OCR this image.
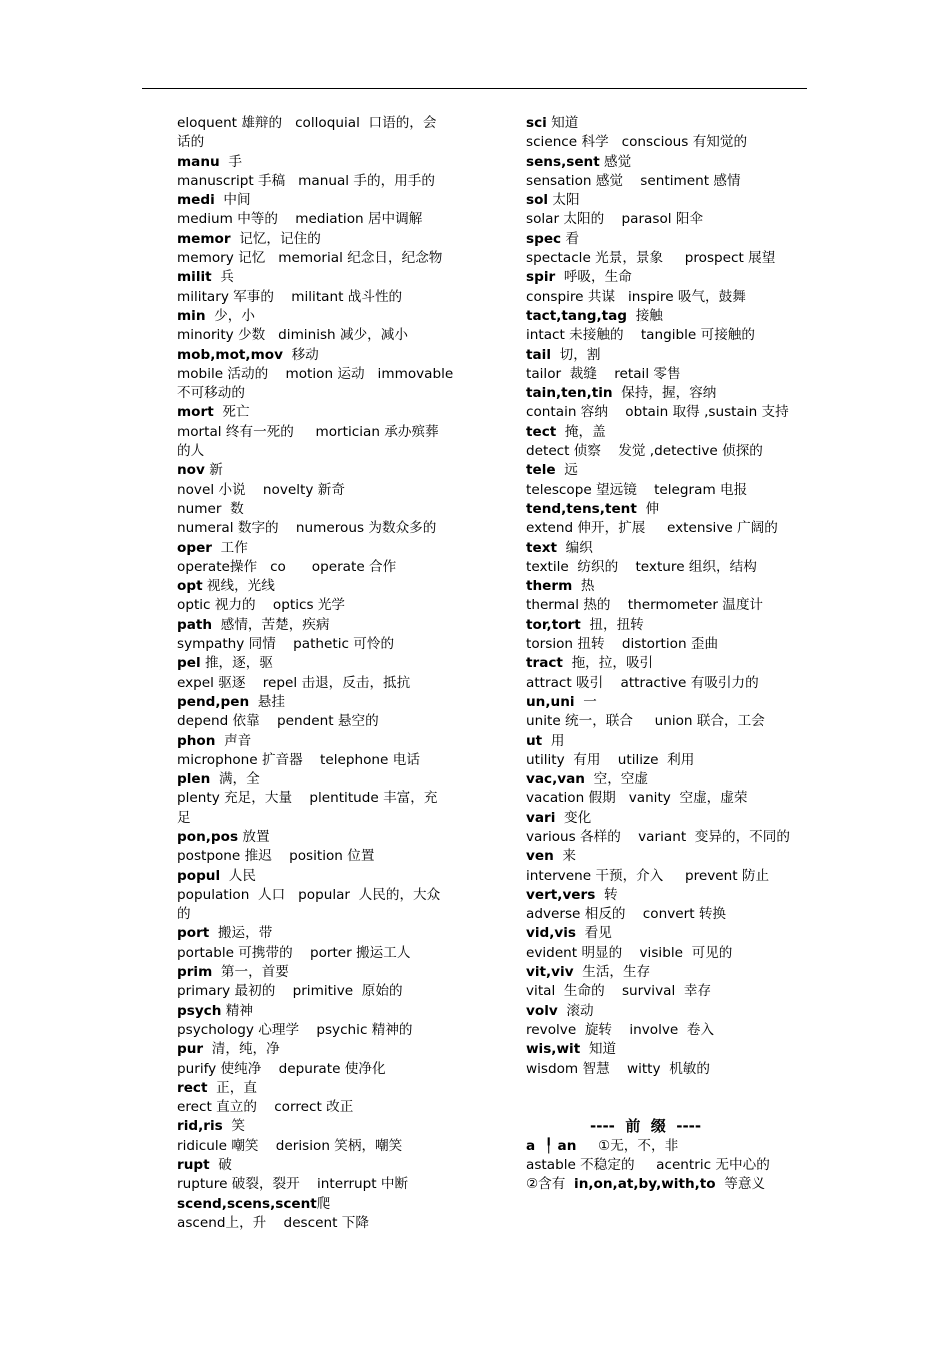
eloquent 雄辩的   colloquial  口语的，会
话的
manu  手
manuscript 手稿   manual 手的，用手的
medi  中间
medium 中等的    mediation 居中调解
memor  记忆，记住的
memory 记忆   memorial 纪念日，纪念物
milit  兵
military 军事的    militant 战斗性的
min  少，小
minority 少数   diminish 减少，减小
mob,mot,mov  移动
mobile 活动的    motion 运动   immovable
不可移动的
mort  死亡
mortal 终有一死的     mortician 承办殡葬
的人
nov 新
novel 小说    novelty 新奇
numer  数
numeral 数字的    numerous 为数众多的
oper  工作
operate操作   co      operate 合作
opt 视线，光线
optic 视力的    optics 光学
path  感情，苦楚，疾病
sympathy 同情    pathetic 可怜的
pel 推，逐，驱
expel 驱逐    repel 击退，反击，抵抗
pend,pen  悬挂
depend 依靠    pendent 悬空的
phon  声音
microphone 扩音器    telephone 电话
plen  满，全
plenty 充足，大量    plentitude 丰富，充
足
pon,pos 放置
postpone 推迟    position 位置
popul  人民
population  人口   popular  人民的，大众
的
port  搬运，带
portable 可携带的    porter 搬运工人
prim  第一，首要
primary 最初的    primitive  原始的
psych 精神
psychology 心理学    psychic 精神的
pur  清，纯，净
purify 使纯净    depurate 使净化
rect  正，直
erect 直立的    correct 改正
rid,ris  笑
ridicule 嘲笑    derision 笑柄，嘲笑
rupt  破
rupture 破裂，裂开    interrupt 中断
scend,scens,scent爬
ascend上，升    descent 下降
sci 知道
science 科学   conscious 有知觉的
sens,sent 感觉
sensation 感觉    sentiment 感情
sol 太阳
solar 太阳的    parasol 阳伞
spec 看
spectacle 光景，景象     prospect 展望
spir  呼吸，生命
conspire 共谋   inspire 吸气，鼓舞
tact,tang,tag  接触
intact 未接触的    tangible 可接触的
tail  切，割
tailor  裁缝    retail 零售
tain,ten,tin  保持，握，容纳
contain 容纳    obtain 取得 ,sustain 支持
tect  掩，盖
detect 侦察    发觉 ,detective 侦探的
tele  远
telescope 望远镜    telegram 电报
tend,tens,tent  伸
extend 伸开，扩展     extensive 广阔的
text  编织
textile  纺织的    texture 组织，结构
therm  热
thermal 热的    thermometer 温度计
tor,tort  扭，扭转
torsion 扭转    distortion 歪曲
tract  拖，拉，吸引
attract 吸引    attractive 有吸引力的
un,uni  一
unite 统一，联合     union 联合，工会
ut  用
utility  有用    utilize  利用
vac,van  空，空虚
vacation 假期   vanity  空虚，虚荣
vari  变化
various 各样的    variant  变异的，不同的
ven  来
intervene 干预，介入     prevent 防止
vert,vers  转
adverse 相反的    convert 转换
vid,vis  看见
evident 明显的    visible  可见的
vit,viv  生活，生存
vital  生命的    survival  幸存
volv  滚动
revolve  旋转    involve  卷入
wis,wit  知道
wisdom 智慧    witty  机敏的
----  前  缀  ----
a  ╿ an     ①无，不，非
astable 不稳定的     acentric 无中心的
②含有  in,on,at,by,with,to  等意义
